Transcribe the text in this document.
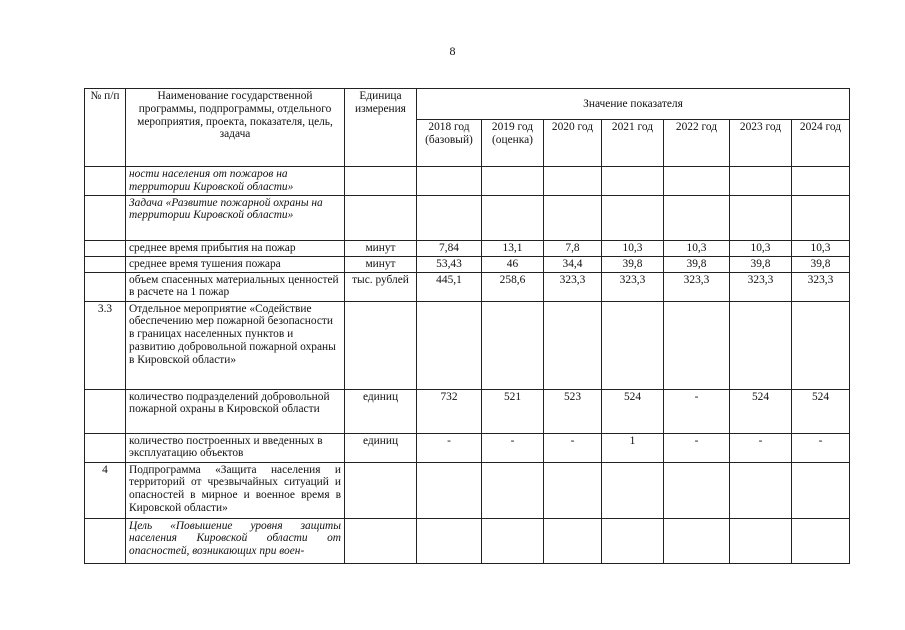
8
№ п/п	Наименование государственной программы, подпрограммы, отдельного мероприятия, проекта, показателя, цель, задача	Единица измерения	Значение показателя						
			2018 год (базовый)	2019 год (оценка)	2020 год	2021 год	2022 год	2023 год	2024 год
	ности населения от пожаров на территории Кировской области»								
	Задача «Развитие пожарной охраны на территории Кировской области»								
	среднее время прибытия на пожар	минут	7,84	13,1	7,8	10,3	10,3	10,3	10,3
	среднее время тушения пожара	минут	53,43	46	34,4	39,8	39,8	39,8	39,8
	объем спасенных материальных ценностей в расчете на 1 пожар	тыс. рублей	445,1	258,6	323,3	323,3	323,3	323,3	323,3
3.3	Отдельное мероприятие «Содействие обеспечению мер пожарной безопасности в границах населенных пунктов и развитию добровольной пожарной охраны в Кировской области»								
	количество подразделений добровольной пожарной охраны в Кировской области	единиц	732	521	523	524	-	524	524
	количество построенных и введенных в эксплуатацию объектов	единиц	-	-	-	1	-	-	-
4	Подпрограмма «Защита населения и территорий от чрезвычайных ситуаций и опасностей в мирное и военное время в Кировской области»								
	Цель «Повышение уровня защиты населения Кировской области от опасностей, возникающих при воен-								
